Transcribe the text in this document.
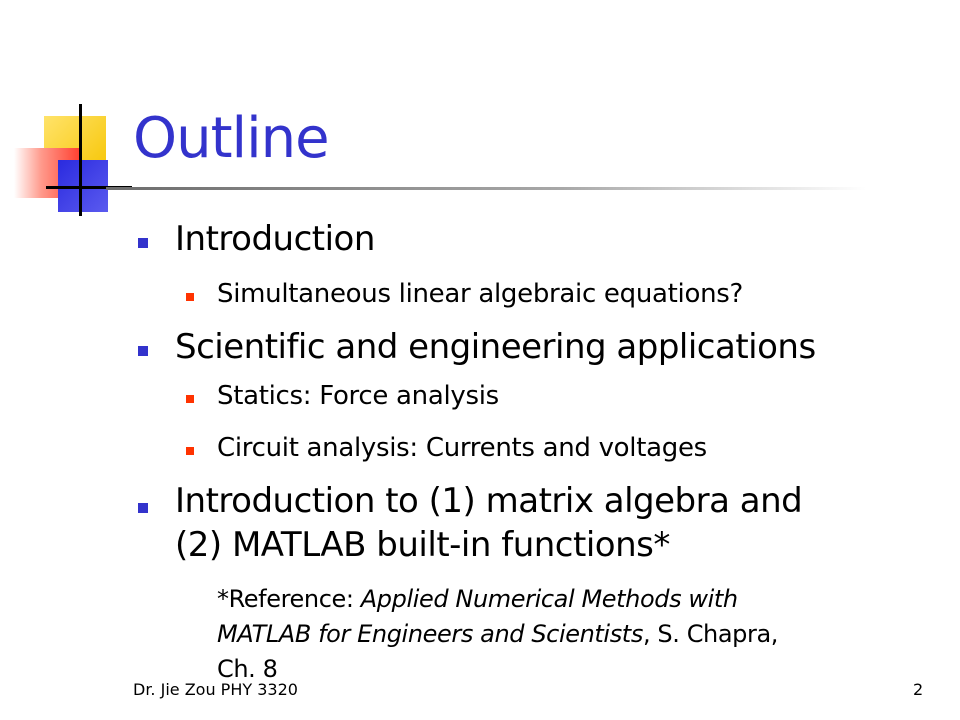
Outline
Introduction
Simultaneous linear algebraic equations?
Scientific and engineering applications
Statics: Force analysis
Circuit analysis: Currents and voltages
Introduction to (1) matrix algebra and
(2) MATLAB built-in functions*
*Reference: Applied Numerical Methods with
MATLAB for Engineers and Scientists, S. Chapra,
Ch. 8
Dr. Jie Zou PHY 3320	2
